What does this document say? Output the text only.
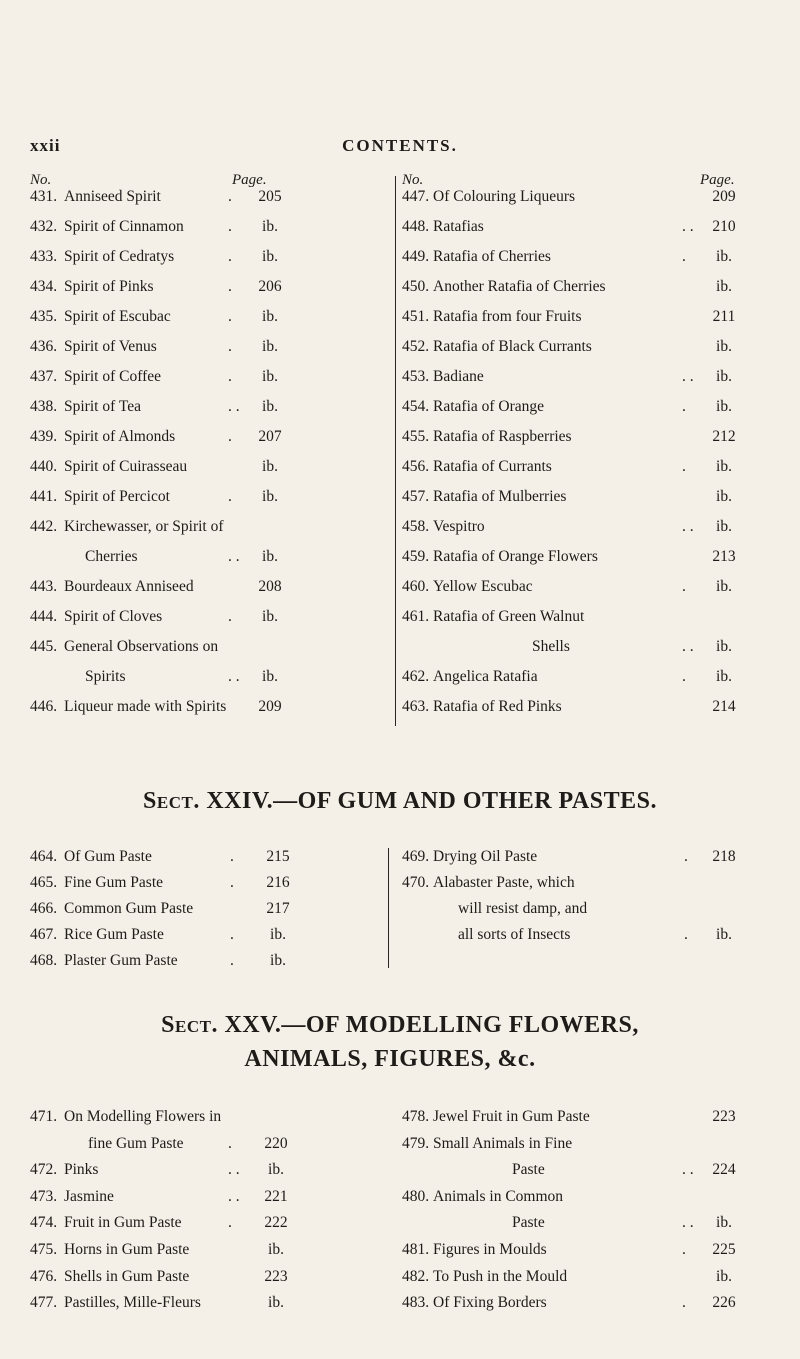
xxii	CONTENTS.
No.	Page.	No.	Page.
431. Anniseed Spirit	.	205
432. Spirit of Cinnamon	.	ib.
433. Spirit of Cedratys	.	ib.
434. Spirit of Pinks	.	206
435. Spirit of Escubac	.	ib.
436. Spirit of Venus	.	ib.
437. Spirit of Coffee	.	ib.
438. Spirit of Tea	. .	ib.
439. Spirit of Almonds	.	207
440. Spirit of Cuirasseau	ib.
441. Spirit of Percicot	.	ib.
442. Kirchewasser, or Spirit of
Cherries	. .	ib.
443. Bourdeaux Anniseed	208
444. Spirit of Cloves	.	ib.
445. General Observations on
Spirits	. .	ib.
446. Liqueur made with Spirits	209
447. Of Colouring Liqueurs	209
448. Ratafias	. .	210
449. Ratafia of Cherries	.	ib.
450. Another Ratafia of Cherries	ib.
451. Ratafia from four Fruits	211
452. Ratafia of Black Currants	ib.
453. Badiane	. .	ib.
454. Ratafia of Orange	.	ib.
455. Ratafia of Raspberries	212
456. Ratafia of Currants	.	ib.
457. Ratafia of Mulberries	ib.
458. Vespitro	. .	ib.
459. Ratafia of Orange Flowers	213
460. Yellow Escubac	.	ib.
461. Ratafia of Green Walnut
Shells	. .	ib.
462. Angelica Ratafia	.	ib.
463. Ratafia of Red Pinks	214
Sect. XXIV.—OF GUM AND OTHER PASTES.
464. Of Gum Paste	.	215
465. Fine Gum Paste	.	216
466. Common Gum Paste	217
467. Rice Gum Paste	.	ib.
468. Plaster Gum Paste	.	ib.
469. Drying Oil Paste	.	218
470. Alabaster Paste, which
will resist damp, and
all sorts of Insects	.	ib.
Sect. XXV.—OF MODELLING FLOWERS,
ANIMALS, FIGURES, &c.
471. On Modelling Flowers in
fine Gum Paste	.	220
472. Pinks	. .	ib.
473. Jasmine	. .	221
474. Fruit in Gum Paste	.	222
475. Horns in Gum Paste	ib.
476. Shells in Gum Paste	223
477. Pastilles, Mille-Fleurs	ib.
478. Jewel Fruit in Gum Paste	223
479. Small Animals in Fine
Paste	. .	224
480. Animals in Common
Paste	. .	ib.
481. Figures in Moulds	.	225
482. To Push in the Mould	ib.
483. Of Fixing Borders	.	226
